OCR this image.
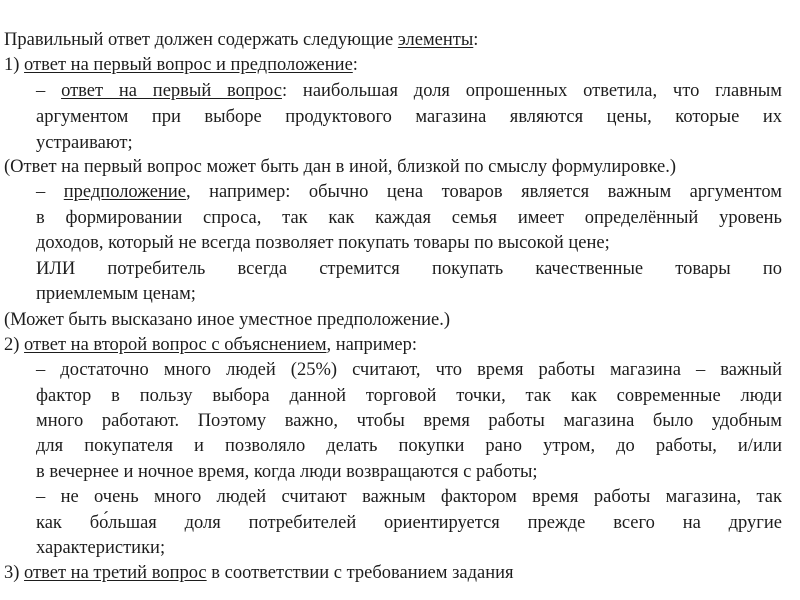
Правильный ответ должен содержать следующие элементы:
1) ответ на первый вопрос и предположение:
– ответ на первый вопрос: наибольшая доля опрошенных ответила, что главным
аргументом при выборе продуктового магазина являются цены, которые их
устраивают;
(Ответ на первый вопрос может быть дан в иной, близкой по смыслу формулировке.)
– предположение, например: обычно цена товаров является важным аргументом
в формировании спроса, так как каждая семья имеет определённый уровень
доходов, который не всегда позволяет покупать товары по высокой цене;
ИЛИ потребитель всегда стремится покупать качественные товары по
приемлемым ценам;
(Может быть высказано иное уместное предположение.)
2) ответ на второй вопрос с объяснением, например:
– достаточно много людей (25%) считают, что время работы магазина – важный
фактор в пользу выбора данной торговой точки, так как современные люди
много работают. Поэтому важно, чтобы время работы магазина было удобным
для покупателя и позволяло делать покупки рано утром, до работы, и/или
в вечернее и ночное время, когда люди возвращаются с работы;
– не очень много людей считают важным фактором время работы магазина, так
как бо́льшая доля потребителей ориентируется прежде всего на другие
характеристики;
3) ответ на третий вопрос в соответствии с требованием задания
